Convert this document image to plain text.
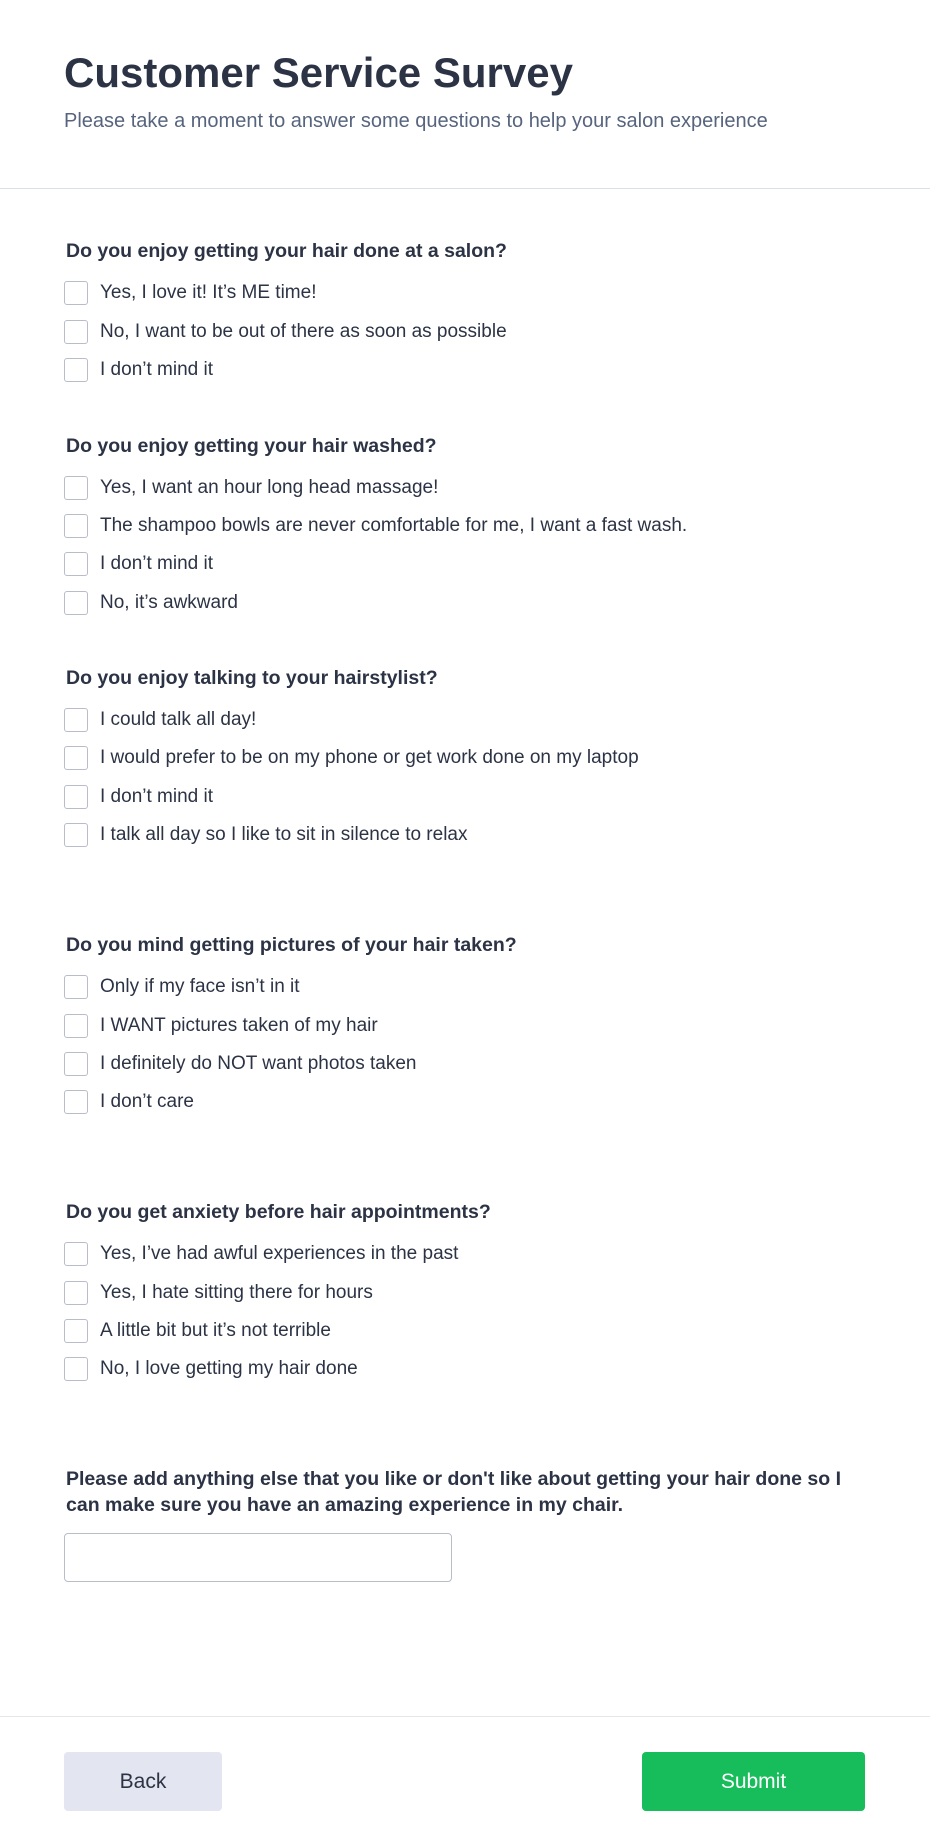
Customer Service Survey

Please take a moment to answer some questions to help your salon experience

Do you enjoy getting your hair done at a salon?
Yes, I love it! It’s ME time!
No, I want to be out of there as soon as possible
I don’t mind it
Do you enjoy getting your hair washed?
Yes, I want an hour long head massage!
The shampoo bowls are never comfortable for me, I want a fast wash.
I don’t mind it
No, it’s awkward
Do you enjoy talking to your hairstylist?
I could talk all day!
I would prefer to be on my phone or get work done on my laptop
I don’t mind it
I talk all day so I like to sit in silence to relax
Do you mind getting pictures of your hair taken?
Only if my face isn’t in it
I WANT pictures taken of my hair
I definitely do NOT want photos taken
I don’t care
Do you get anxiety before hair appointments?
Yes, I’ve had awful experiences in the past
Yes, I hate sitting there for hours
A little bit but it’s not terrible
No, I love getting my hair done
Please add anything else that you like or don't like about getting your hair done so I
can make sure you have an amazing experience in my chair.
Back	Submit
